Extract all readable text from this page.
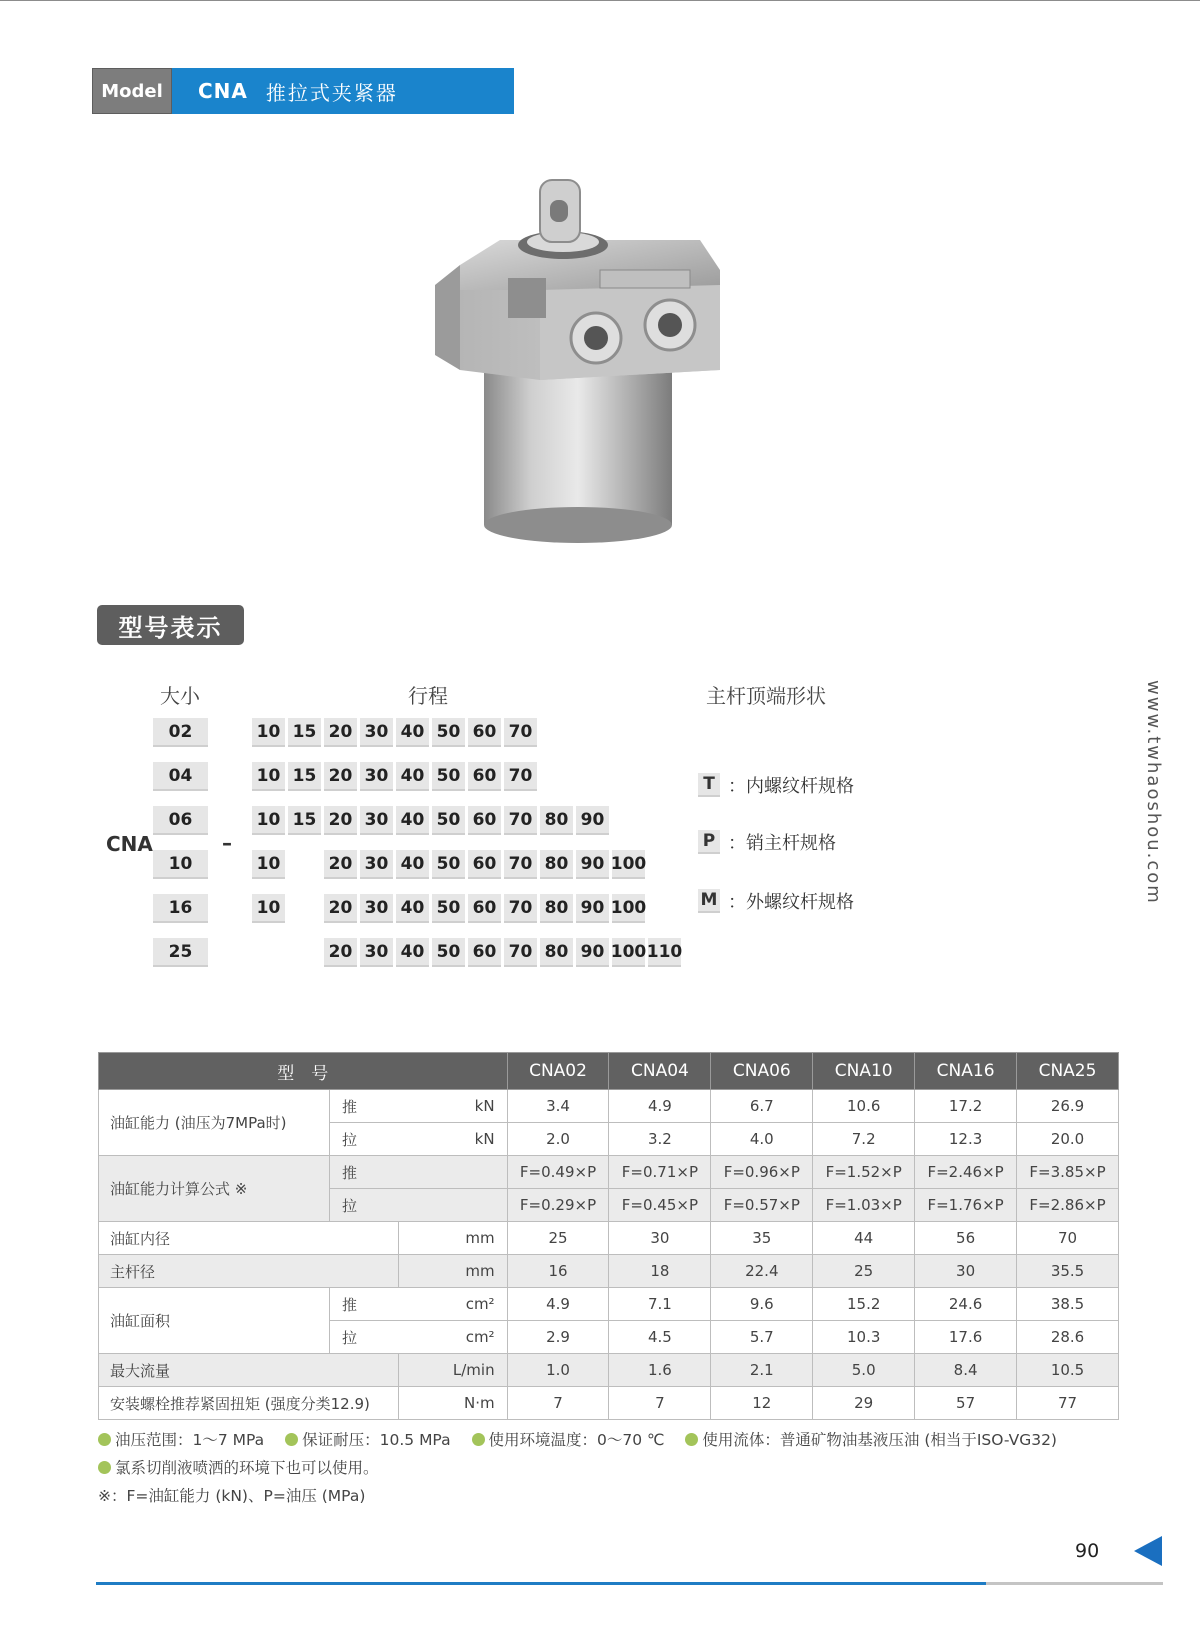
Model	CNA 推拉式夹紧器
型号表示
大小	行程	主杆顶端形状
CNA	–
02	10 15 20 30 40 50 60 70
04	10 15 20 30 40 50 60 70
06	10 15 20 30 40 50 60 70 80 90
10	10	20 30 40 50 60 70 80 90 100
16	10	20 30 40 50 60 70 80 90 100
25	20 30 40 50 60 70 80 90 100 110
T ：内螺纹杆规格
P ：销主杆规格
M ：外螺纹杆规格	www.twhaoshou.com
型　号			CNA02	CNA04	CNA06	CNA10	CNA16	CNA25
油缸能力 (油压为7MPa时)	推	kN	3.4	4.9	6.7	10.6	17.2	26.9
	拉	kN	2.0	3.2	4.0	7.2	12.3	20.0
油缸能力计算公式 ※	推		F=0.49×P	F=0.71×P	F=0.96×P	F=1.52×P	F=2.46×P	F=3.85×P
	拉		F=0.29×P	F=0.45×P	F=0.57×P	F=1.03×P	F=1.76×P	F=2.86×P
油缸内径		mm	25	30	35	44	56	70
主杆径		mm	16	18	22.4	25	30	35.5
油缸面积	推	cm²	4.9	7.1	9.6	15.2	24.6	38.5
	拉	cm²	2.9	4.5	5.7	10.3	17.6	28.6
最大流量		L/min	1.0	1.6	2.1	5.0	8.4	10.5
安装螺栓推荐紧固扭矩 (强度分类12.9)		N·m	7	7	12	29	57	77
油压范围：1～7 MPa 保证耐压：10.5 MPa 使用环境温度：0～70 ℃ 使用流体：普通矿物油基液压油 (相当于ISO-VG32)
氯系切削液喷洒的环境下也可以使用。
※：F=油缸能力 (kN)、P=油压 (MPa)
90
